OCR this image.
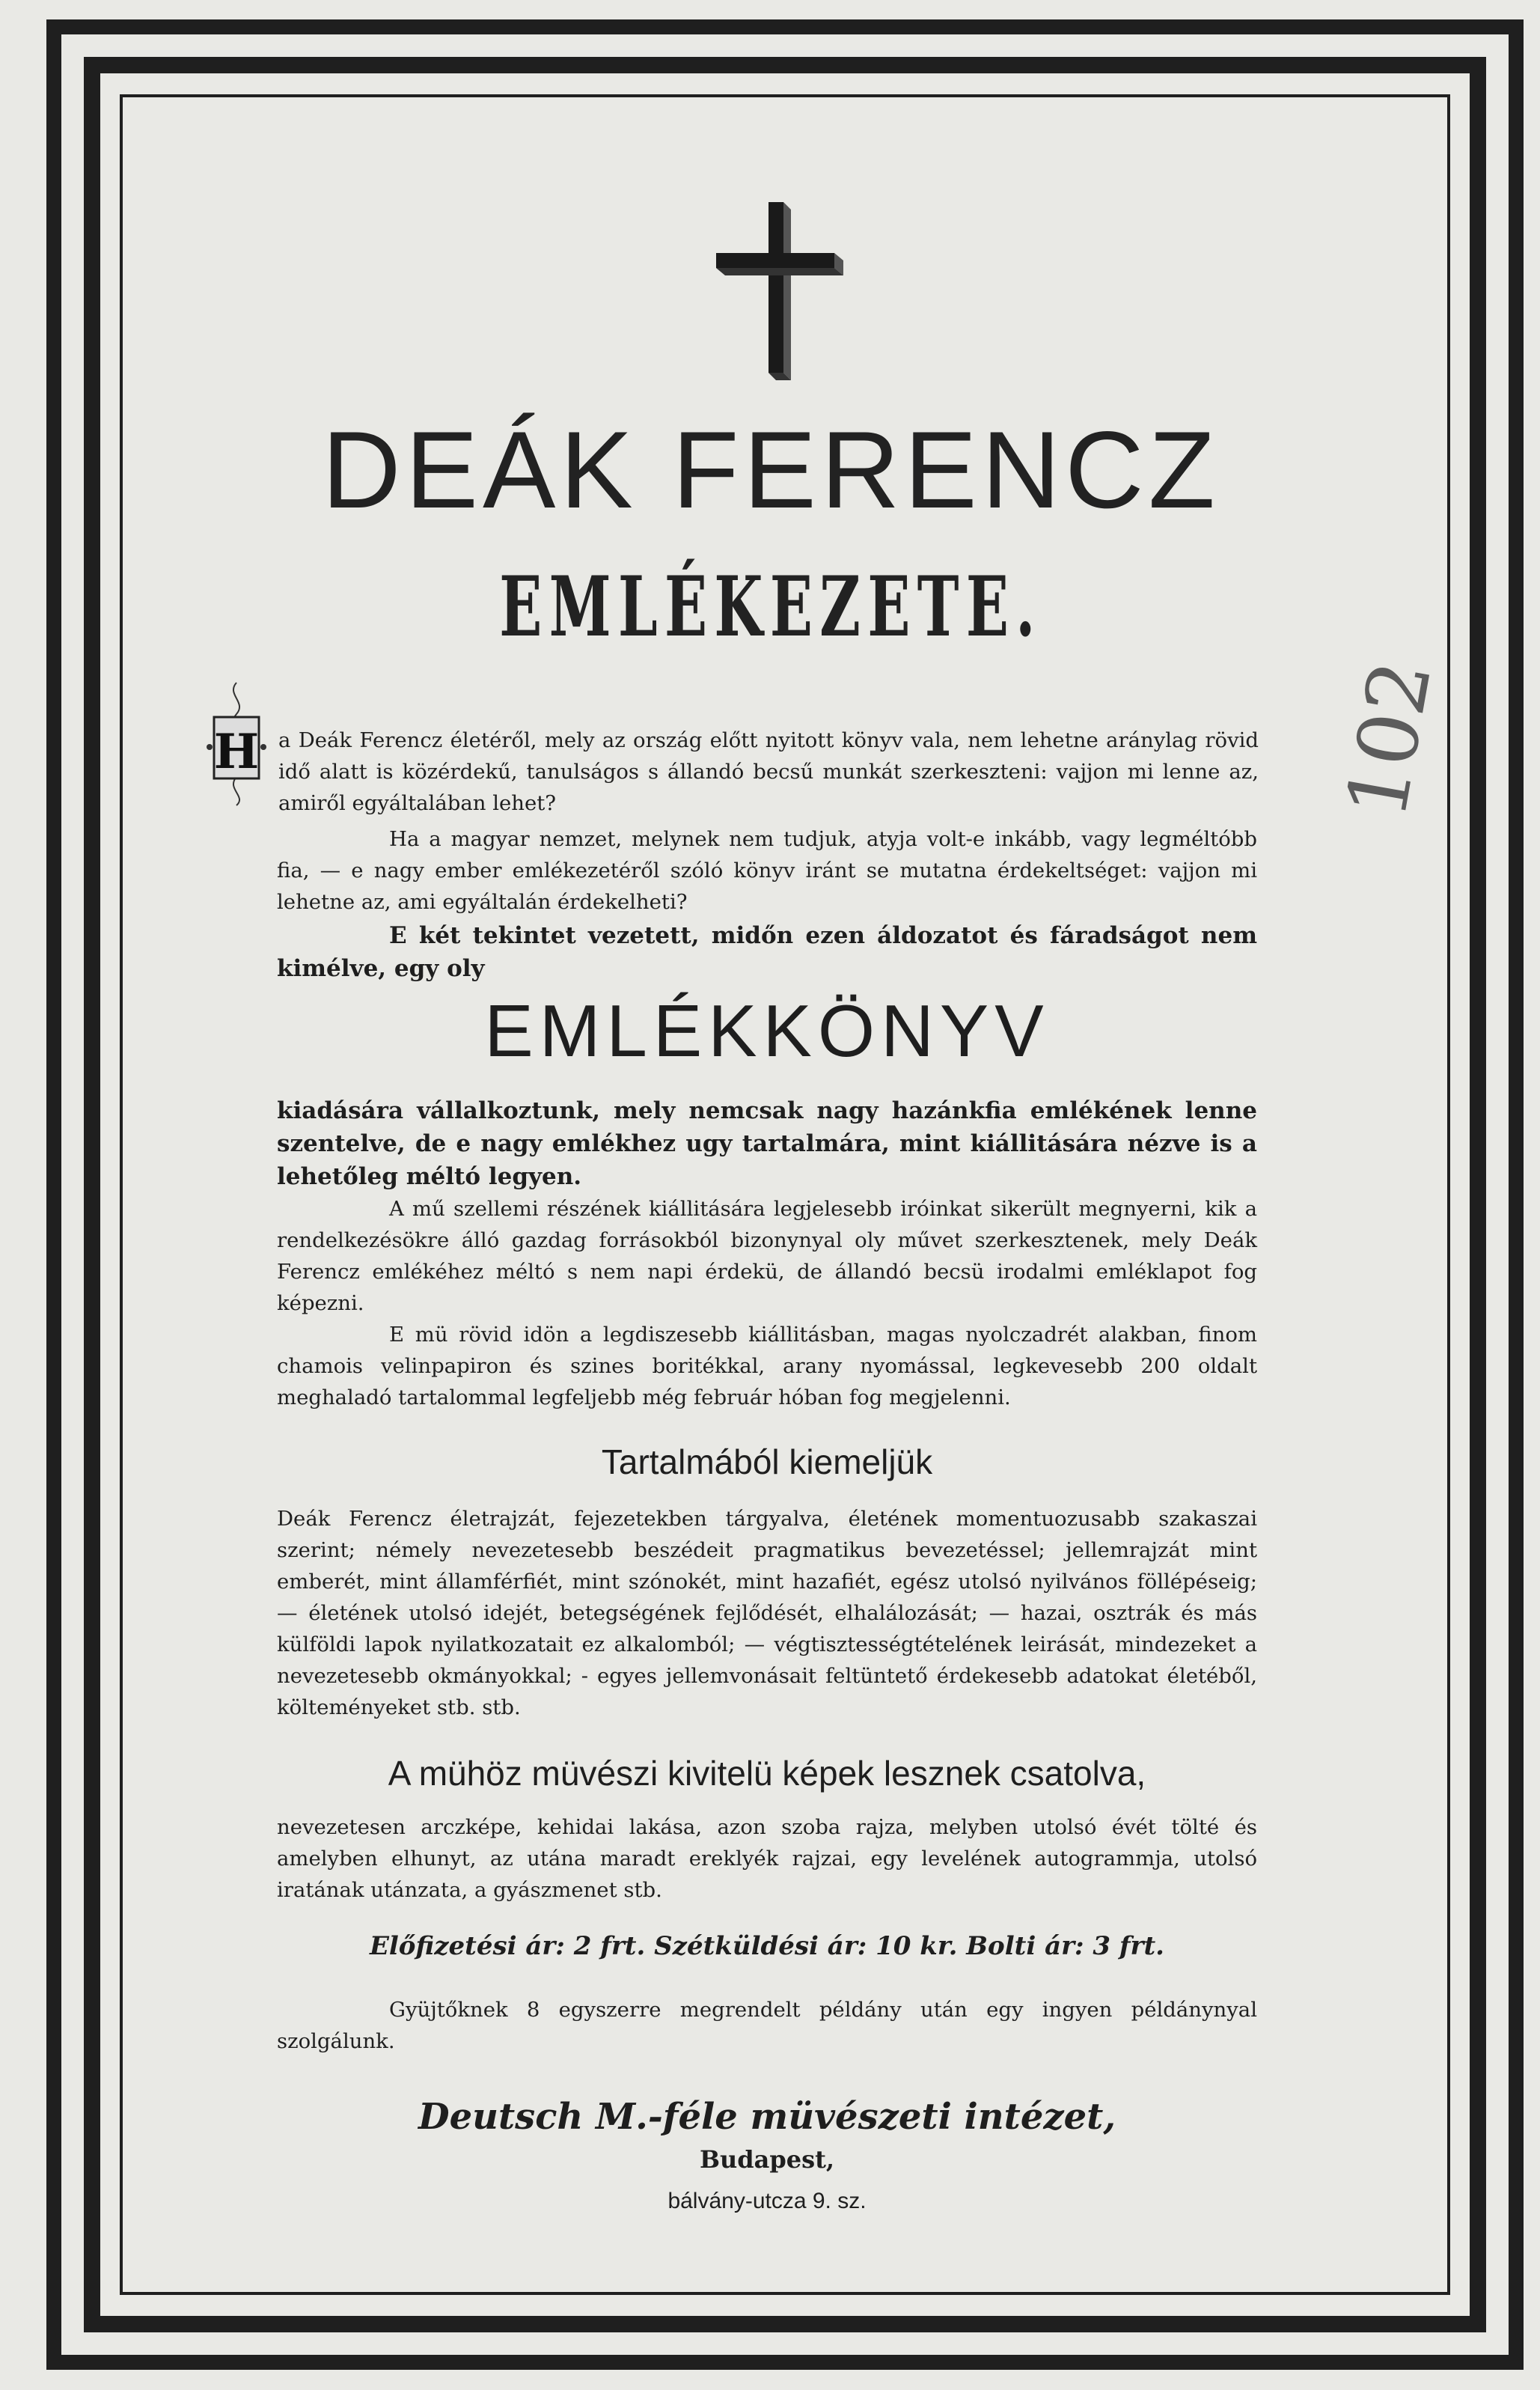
DEÁK FERENCZ
EMLÉKEZETE.
H a Deák Ferencz életéről, mely az ország előtt nyitott könyv vala, nem lehetne aránylag rövid idő alatt is közérdekű, tanulságos s állandó becsű munkát szerkeszteni: vajjon mi lenne az, amiről egyáltalában lehet?
Ha a magyar nemzet, melynek nem tudjuk, atyja volt-e inkább, vagy legméltóbb fia, — e nagy ember emlékezetéről szóló könyv iránt se mutatna érdekeltséget: vajjon mi lehetne az, ami egyáltalán érdekelheti?
E két tekintet vezetett, midőn ezen áldozatot és fáradságot nem kimélve, egy oly
EMLÉKKÖNYV
kiadására vállalkoztunk, mely nemcsak nagy hazánkfia emlékének lenne szentelve, de e nagy emlékhez ugy tartalmára, mint kiállitására nézve is a lehetőleg méltó legyen.
A mű szellemi részének kiállitására legjelesebb iróinkat sikerült megnyerni, kik a rendelkezésökre álló gazdag forrásokból bizonynyal oly művet szerkesztenek, mely Deák Ferencz emlékéhez méltó s nem napi érdekü, de állandó becsü irodalmi emléklapot fog képezni.
E mü rövid idön a legdiszesebb kiállitásban, magas nyolczadrét alakban, finom chamois velinpapiron és szines boritékkal, arany nyomással, legkevesebb 200 oldalt meghaladó tartalommal legfeljebb még február hóban fog megjelenni.
Tartalmából kiemeljük
Deák Ferencz életrajzát, fejezetekben tárgyalva, életének momentuozusabb szakaszai szerint; némely nevezetesebb beszédeit pragmatikus bevezetéssel; jellemrajzát mint emberét, mint államférfiét, mint szónokét, mint hazafiét, egész utolsó nyilvános föllépéseig; — életének utolsó idejét, betegségének fejlődését, elhalálozását; — hazai, osztrák és más külföldi lapok nyilatkozatait ez alkalomból; — végtisztességtételének leirását, mindezeket a nevezetesebb okmányokkal; - egyes jellemvonásait feltüntető érdekesebb adatokat életéből, költeményeket stb. stb.
A mühöz müvészi kivitelü képek lesznek csatolva,
nevezetesen arczképe, kehidai lakása, azon szoba rajza, melyben utolsó évét tölté és amelyben elhunyt, az utána maradt ereklyék rajzai, egy levelének autogrammja, utolsó iratának utánzata, a gyászmenet stb.
Előfizetési ár: 2 frt. Szétküldési ár: 10 kr. Bolti ár: 3 frt.
Gyüjtőknek 8 egyszerre megrendelt példány után egy ingyen példánynyal szolgálunk.
Deutsch M.-féle müvészeti intézet,
Budapest,
bálvány-utcza 9. sz.
102
